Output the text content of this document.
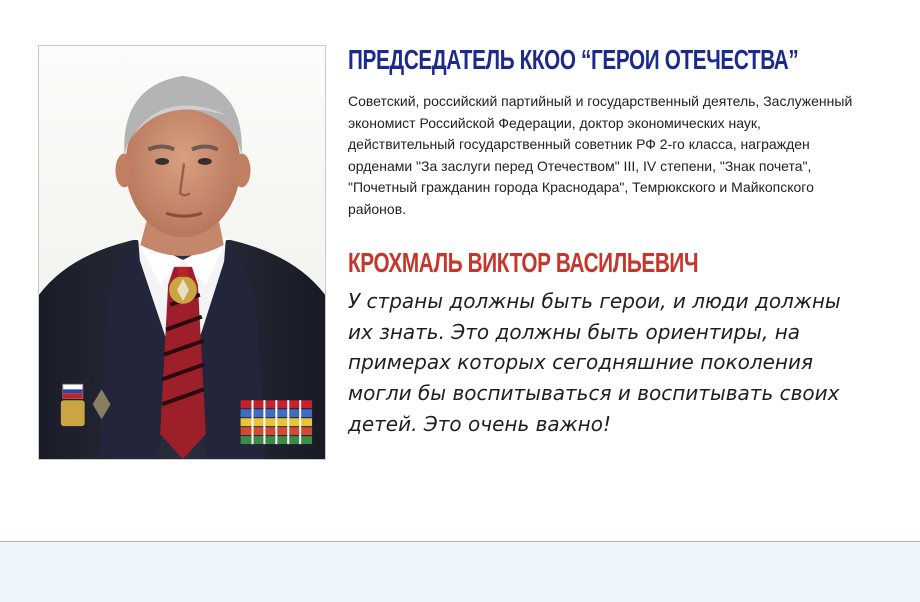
ПРЕДСЕДАТЕЛЬ ККОО “ГЕРОИ ОТЕЧЕСТВА”

Советский, российский партийный и государственный деятель, Заслуженный экономист Российской Федерации, доктор экономических наук, действительный государственный советник РФ 2-го класса, награжден орденами "За заслуги перед Отечеством" III, IV степени, "Знак почета", "Почетный гражданин города Краснодара", Темрюкского и Майкопского районов.

КРОХМАЛЬ ВИКТОР ВАСИЛЬЕВИЧ

У страны должны быть герои, и люди должны их знать. Это должны быть ориентиры, на примерах которых сегодняшние поколения могли бы воспитываться и воспитывать своих детей. Это очень важно!
